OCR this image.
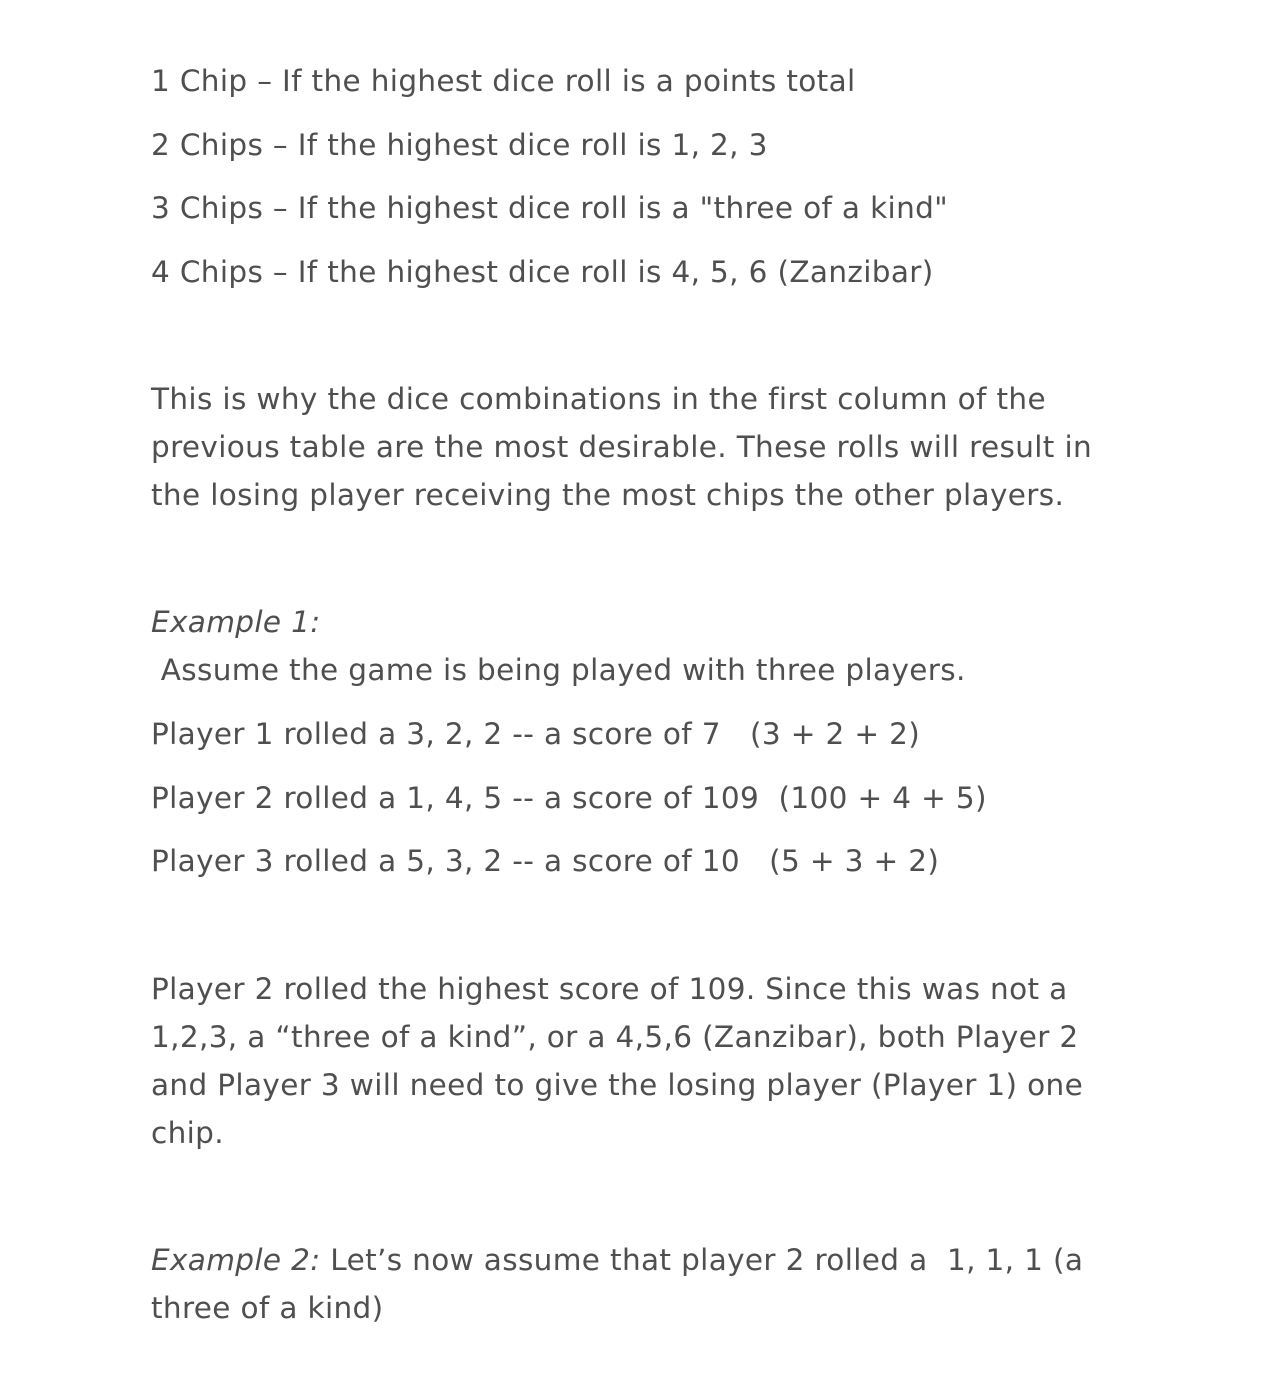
1 Chip – If the highest dice roll is a points total
2 Chips – If the highest dice roll is 1, 2, 3
3 Chips – If the highest dice roll is a "three of a kind"
4 Chips – If the highest dice roll is 4, 5, 6 (Zanzibar)
This is why the dice combinations in the first column of the previous table are the most desirable. These rolls will result in the losing player receiving the most chips the other players.
Example 1: Assume the game is being played with three players.
Player 1 rolled a 3, 2, 2 -- a score of 7   (3 + 2 + 2)
Player 2 rolled a 1, 4, 5 -- a score of 109  (100 + 4 + 5)
Player 3 rolled a 5, 3, 2 -- a score of 10   (5 + 3 + 2)
Player 2 rolled the highest score of 109. Since this was not a 1,2,3, a “three of a kind”, or a 4,5,6 (Zanzibar), both Player 2 and Player 3 will need to give the losing player (Player 1) one chip.
Example 2: Let’s now assume that player 2 rolled a  1, 1, 1 (a three of a kind)
